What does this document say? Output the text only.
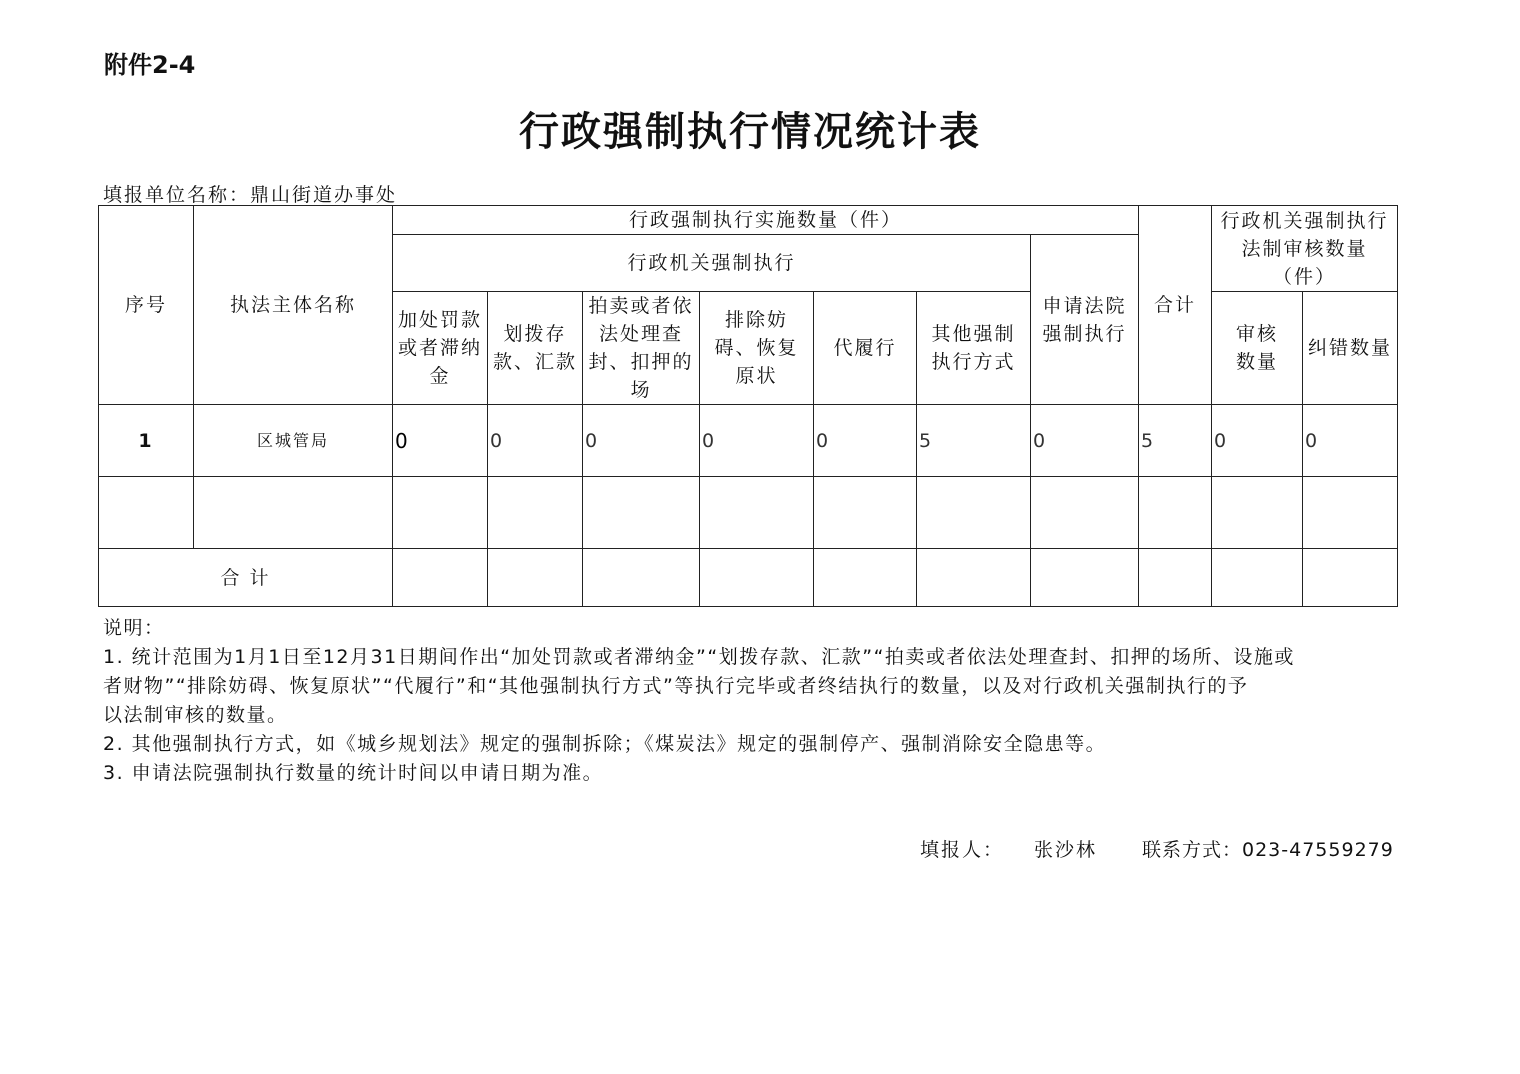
附件2-4
行政强制执行情况统计表
填报单位名称：鼎山街道办事处
序号	执法主体名称	行政强制执行实施数量（件）							合计	行政机关强制执行法制审核数量（件）	
		行政机关强制执行						申请法院强制执行			
		加处罚款或者滞纳金	划拨存款、汇款	拍卖或者依法处理查封、扣押的场	排除妨碍、恢复原状	代履行	其他强制执行方式			审核数量	纠错数量
1	区城管局	0	0	0	0	0	5	0	5	0	0

合 计											
说明：
1. 统计范围为1月1日至12月31日期间作出“加处罚款或者滞纳金”“划拨存款、汇款”“拍卖或者依法处理查封、扣押的场所、设施或
者财物”“排除妨碍、恢复原状”“代履行”和“其他强制执行方式”等执行完毕或者终结执行的数量，以及对行政机关强制执行的予
以法制审核的数量。
2. 其他强制执行方式，如《城乡规划法》规定的强制拆除；《煤炭法》规定的强制停产、强制消除安全隐患等。
3. 申请法院强制执行数量的统计时间以申请日期为准。
填报人： 张沙林 联系方式：023-47559279
